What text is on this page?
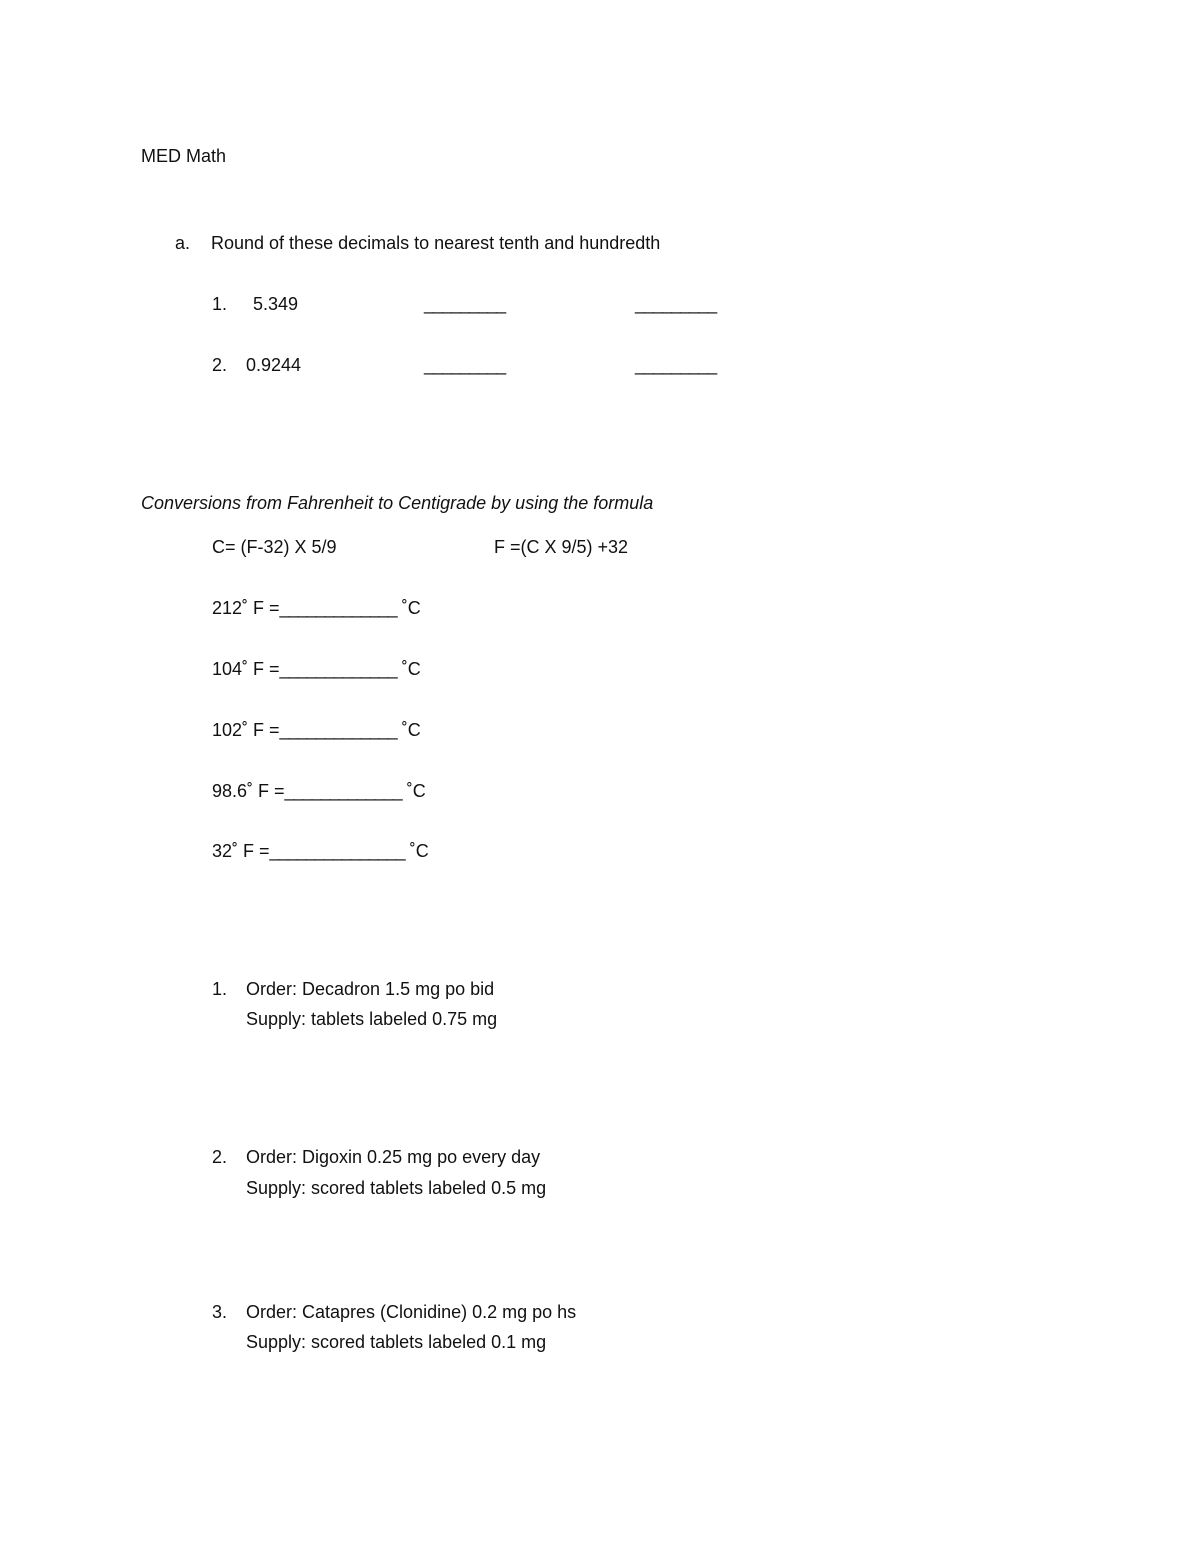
MED Math
a. Round of these decimals to nearest tenth and hundredth
1. 5.349	_________	_________
2. 0.9244	_________	_________
Conversions from Fahrenheit to Centigrade by using the formula
C= (F-32) X 5/9	F =(C X 9/5) +32
212˚ F =_____________ ˚C
104˚ F =_____________ ˚C
102˚ F =_____________ ˚C
98.6˚ F =_____________ ˚C
32˚ F =_______________ ˚C
1. Order: Decadron 1.5 mg po bid
Supply: tablets labeled 0.75 mg
2. Order: Digoxin 0.25 mg po every day
Supply: scored tablets labeled 0.5 mg
3. Order: Catapres (Clonidine) 0.2 mg po hs
Supply: scored tablets labeled 0.1 mg
